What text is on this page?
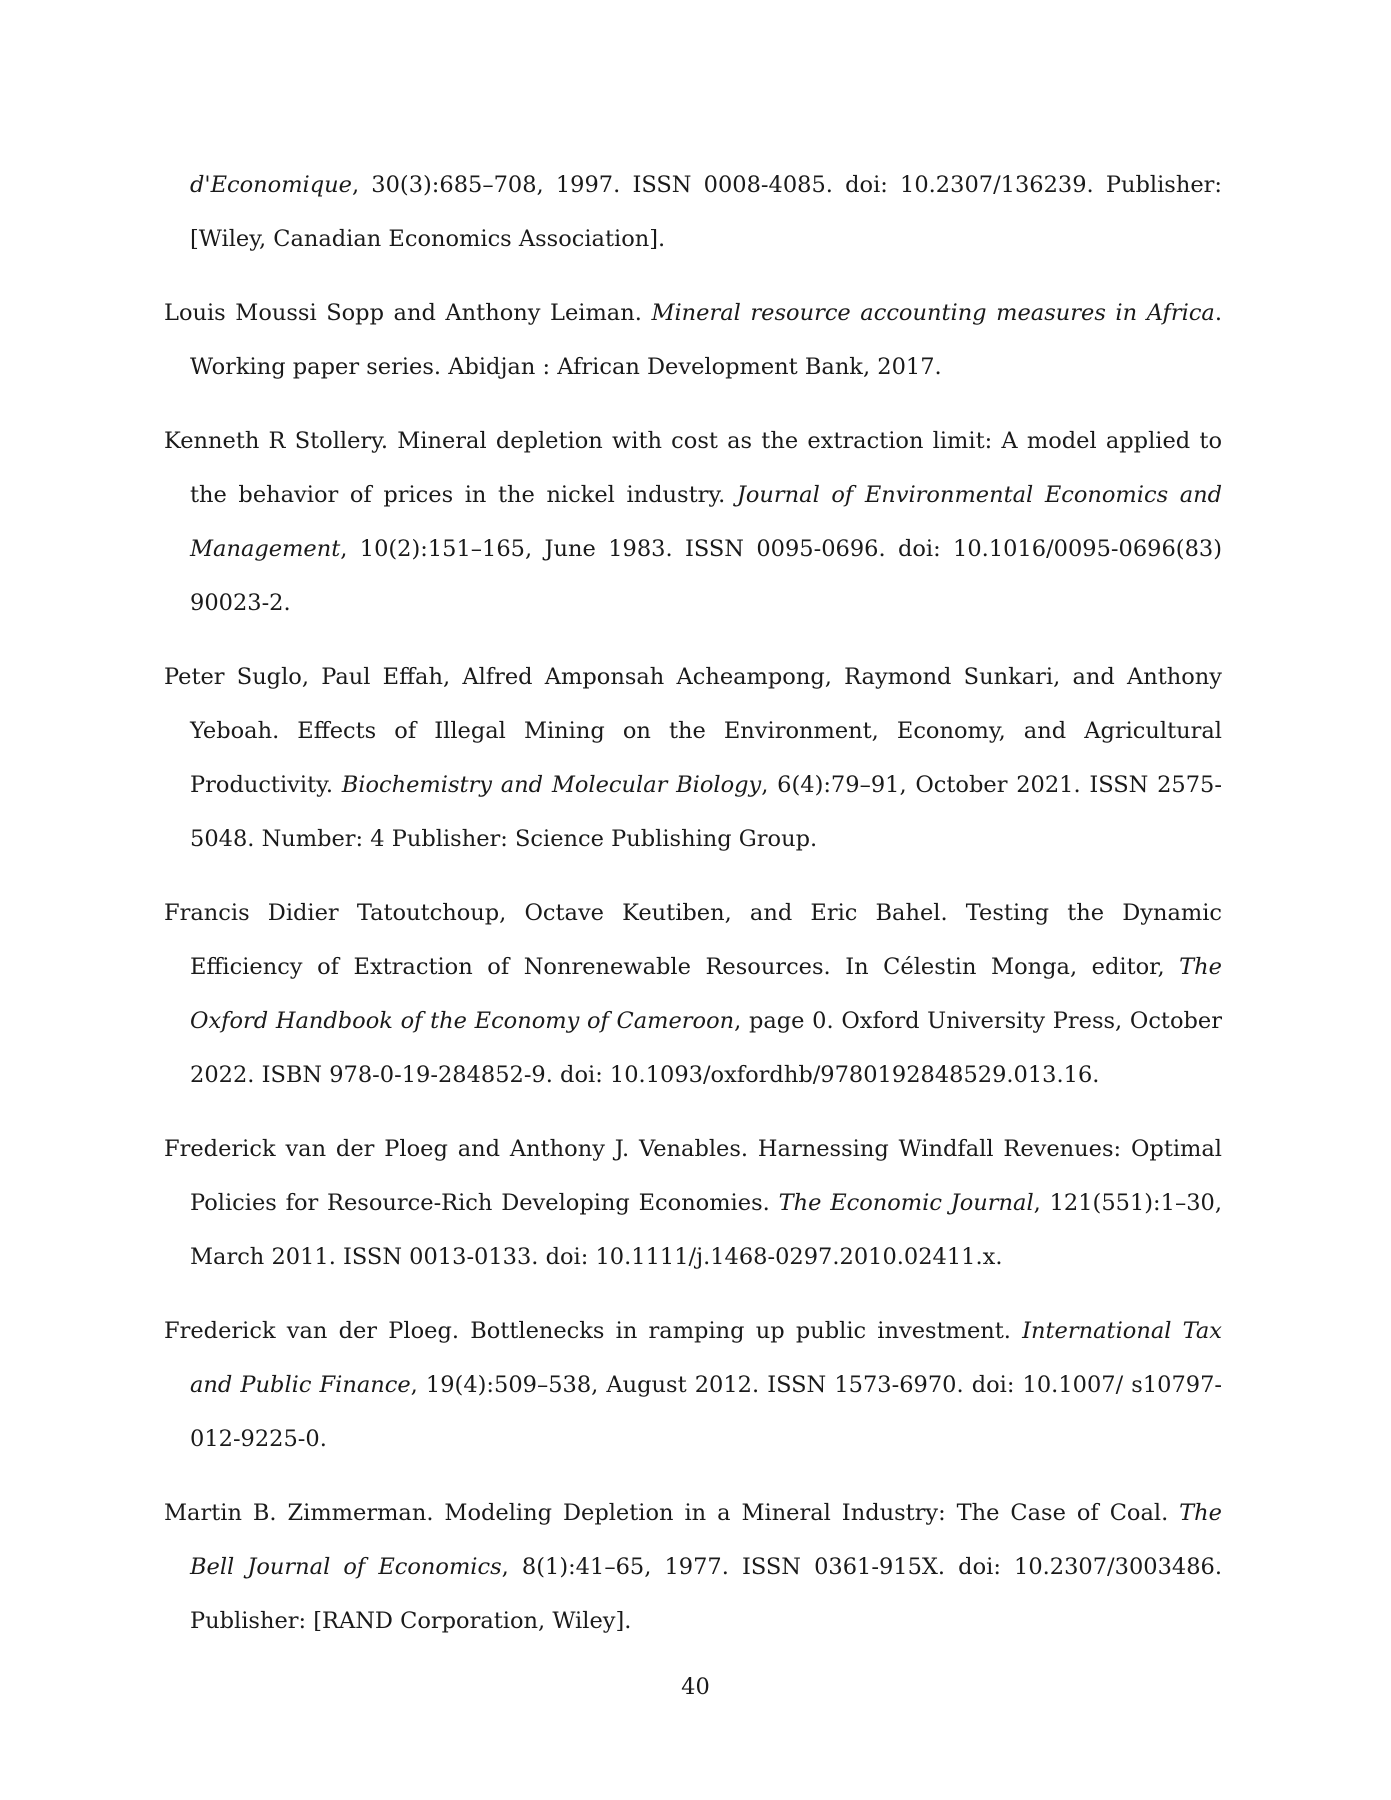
d'Economique, 30(3):685–708, 1997. ISSN 0008-4085. doi: 10.2307/136239. Publisher: [Wiley, Canadian Economics Association].

Louis Moussi Sopp and Anthony Leiman. Mineral resource accounting measures in Africa. Working paper series. Abidjan : African Development Bank, 2017.

Kenneth R Stollery. Mineral depletion with cost as the extraction limit: A model applied to the behavior of prices in the nickel industry. Journal of Environmental Economics and Management, 10(2):151–165, June 1983. ISSN 0095-0696. doi: 10.1016/0095-0696(83) 90023-2.

Peter Suglo, Paul Effah, Alfred Amponsah Acheampong, Raymond Sunkari, and Anthony Yeboah. Effects of Illegal Mining on the Environment, Economy, and Agricultural Productivity. Biochemistry and Molecular Biology, 6(4):79–91, October 2021. ISSN 2575-5048. Number: 4 Publisher: Science Publishing Group.

Francis Didier Tatoutchoup, Octave Keutiben, and Eric Bahel. Testing the Dynamic Efficiency of Extraction of Nonrenewable Resources. In Célestin Monga, editor, The Oxford Handbook of the Economy of Cameroon, page 0. Oxford University Press, October 2022. ISBN 978-0-19-284852-9. doi: 10.1093/oxfordhb/9780192848529.013.16.

Frederick van der Ploeg and Anthony J. Venables. Harnessing Windfall Revenues: Optimal Policies for Resource-Rich Developing Economies. The Economic Journal, 121(551):1–30, March 2011. ISSN 0013-0133. doi: 10.1111/j.1468-0297.2010.02411.x.

Frederick van der Ploeg. Bottlenecks in ramping up public investment. International Tax and Public Finance, 19(4):509–538, August 2012. ISSN 1573-6970. doi: 10.1007/ s10797-012-9225-0.

Martin B. Zimmerman. Modeling Depletion in a Mineral Industry: The Case of Coal. The Bell Journal of Economics, 8(1):41–65, 1977. ISSN 0361-915X. doi: 10.2307/3003486. Publisher: [RAND Corporation, Wiley].

40
